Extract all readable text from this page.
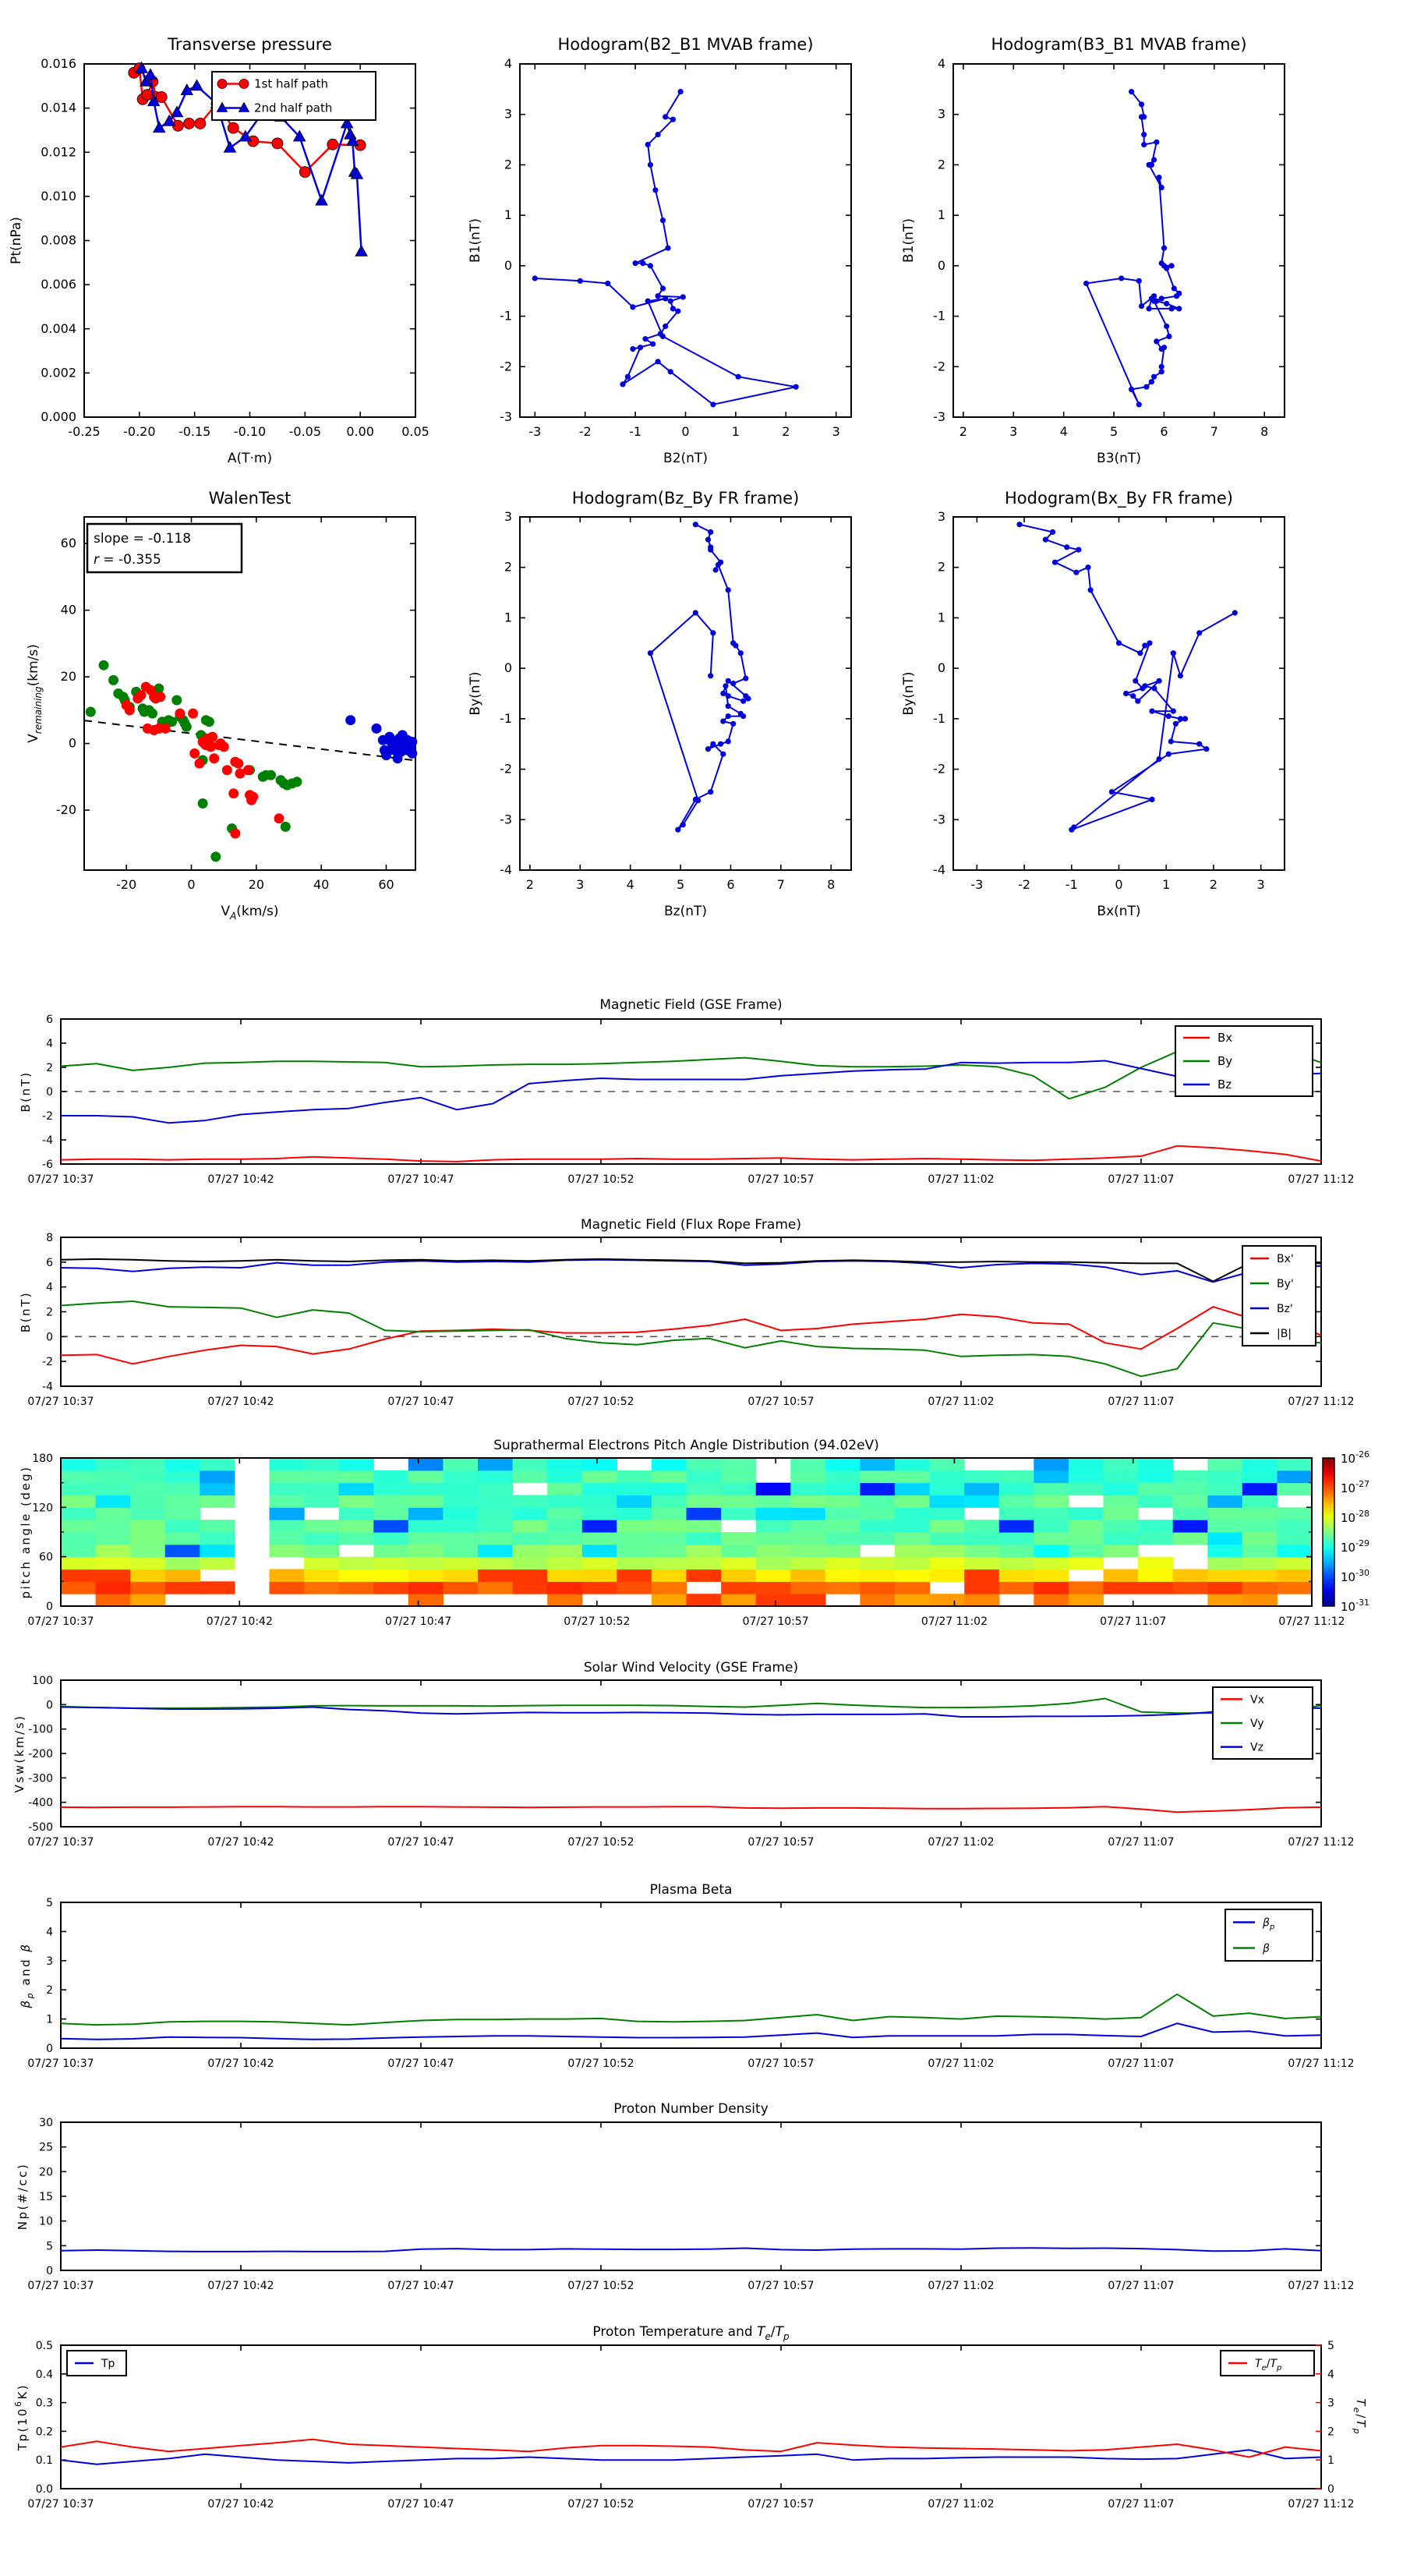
-0.25 -0.20 -0.15 -0.10 -0.05 0.00 0.05
0.000
0.002
0.004
0.006
0.008
0.010
0.012
0.014
0.016
Transverse pressure
A(T·m)
Pt(nPa)
1st half path
2nd half path
-3	-2	-1	0	1	2	3
-3
-2
-1
0
1
2
3
4
Hodogram(B2_B1 MVAB frame)
B2(nT)
B1(nT)
2	3	4	5	6	7	8
-3
-2
-1
0
1
2
3
4
Hodogram(B3_B1 MVAB frame)
B3(nT)
B1(nT)
-20	0	20	40	60
-20
0
20
40
60
WalenTest
$V_A(km/s)$
$V_{remaining}(km/s)$
slope = -0.118
r = -0.355
2	3	4	5	6	7	8
-4
-3
-2
-1
0
1
2
3
Hodogram(Bz_By FR frame)
Bz(nT)
By(nT)
-3	-2	-1	0	1	2	3
-4
-3
-2
-1
0
1
2
3
Hodogram(Bx_By FR frame)
Bx(nT)
By(nT)
07/27 10:37	07/27 10:42	07/27 10:47	07/27 10:52	07/27 10:57	07/27 11:02	07/27 11:07	07/27 11:12
-6
-4
-2
0
2
4
6
Magnetic Field (GSE Frame)
B(nT)
Bx
By
Bz
07/27 10:37	07/27 10:42	07/27 10:47	07/27 10:52	07/27 10:57	07/27 11:02	07/27 11:07	07/27 11:12
-4
-2
0
2
4
6
8
Magnetic Field (Flux Rope Frame)
B(nT)
Bx'
By'
Bz'
|B|
07/27 10:37	07/27 10:42	07/27 10:47	07/27 10:52	07/27 10:57	07/27 11:02	07/27 11:07	07/27 11:12
0
60
120
180
Suprathermal Electrons Pitch Angle Distribution (94.02eV)
pitch angle (deg)
$10^{-26}$
$10^{-27}$
$10^{-28}$
$10^{-29}$
$10^{-30}$
$10^{-31}$
07/27 10:37	07/27 10:42	07/27 10:47	07/27 10:52	07/27 10:57	07/27 11:02	07/27 11:07	07/27 11:12
-500
-400
-300
-200
-100
0
100
Solar Wind Velocity (GSE Frame)
Vsw(km/s)
Vx
Vy
Vz
07/27 10:37	07/27 10:42	07/27 10:47	07/27 10:52	07/27 10:57	07/27 11:02	07/27 11:07	07/27 11:12
0
1
2
3
4
5
Plasma Beta
$\beta_p$ and β
$\beta_p$
β
07/27 10:37	07/27 10:42	07/27 10:47	07/27 10:52	07/27 10:57	07/27 11:02	07/27 11:07	07/27 11:12
0
5
10
15
20
25
30
Proton Number Density
Np(#/cc)
07/27 10:37	07/27 10:42	07/27 10:47	07/27 10:52	07/27 10:57	07/27 11:02	07/27 11:07	07/27 11:12
0.0
0.1
0.2
0.3
0.4
0.5
0
1
2
3
4
5
Proton Temperature and $T_e/T_p$
$Tp(10^6K)$
$T_e/T_p$
Tp	$T_e/T_p$
